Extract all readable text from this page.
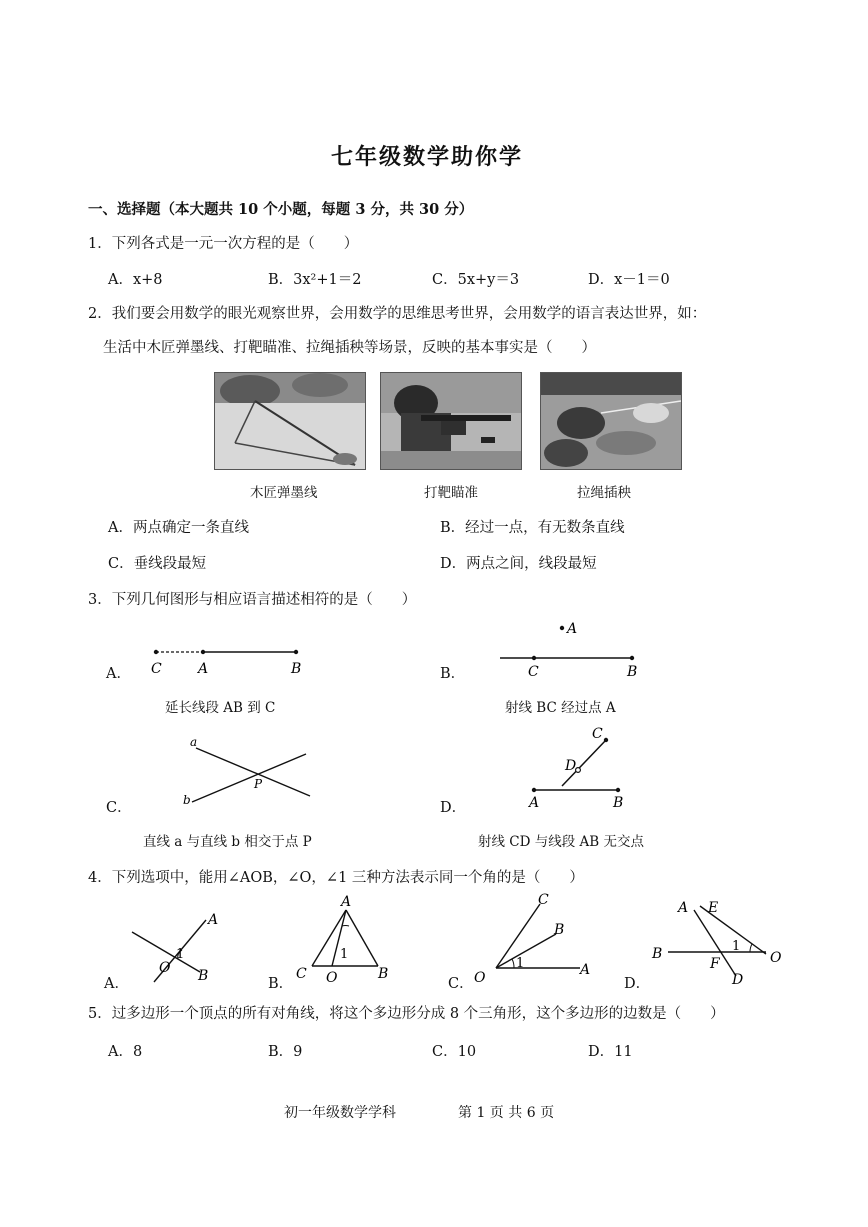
七年级数学助你学
一、选择题（本大题共 10 个小题，每题 3 分，共 30 分）
1．下列各式是一元一次方程的是（　　）
A．x+8	B．3x²+1＝2	C．5x+y＝3	D．x－1＝0
2．我们要会用数学的眼光观察世界，会用数学的思维思考世界，会用数学的语言表达世界，如：
生活中木匠弹墨线、打靶瞄准、拉绳插秧等场景，反映的基本事实是（　　）
木匠弹墨线	打靶瞄准	拉绳插秧
A．两点确定一条直线	B．经过一点，有无数条直线
C．垂线段最短	D．两点之间，线段最短
3．下列几何图形与相应语言描述相符的是（　　）
A． C	A	B
延长线段 AB 到 C
B．
A
C	B
射线 BC 经过点 A
C．
a
b
P
直线 a 与直线 b 相交于点 P
D．
C
D
A	B
射线 CD 与线段 AB 无交点
4．下列选项中，能用∠AOB，∠O，∠1 三种方法表示同一个角的是（　　）
A．
A
O
1
B	B．
A
1
C O	B
C．
C
B
1
O	A
D．
A E
1
B	O
F
D
5．过多边形一个顶点的所有对角线，将这个多边形分成 8 个三角形，这个多边形的边数是（　　）
A．8	B．9	C．10	D．11
初一年级数学学科	第 1 页 共 6 页
